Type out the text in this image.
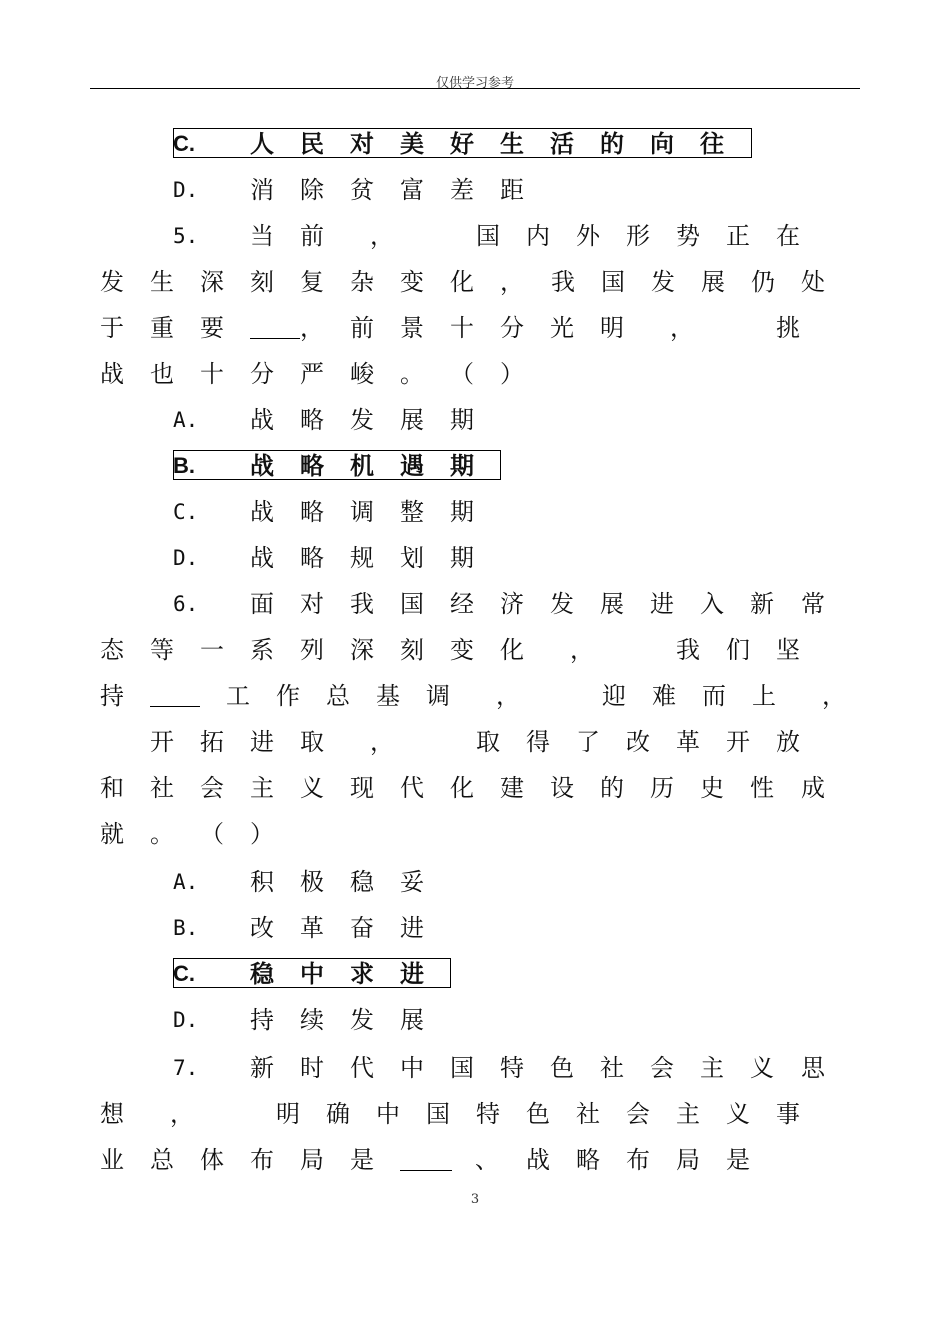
仅供学习参考
C. 人 民 对 美 好 生 活 的 向 往
D. 消 除 贫 富 差 距
5. 当 前 ，	国 内 外 形 势 正 在
发 生 深 刻 复 杂 变 化 ， 我 国 发 展 仍 处
于 重 要	， 前 景 十 分 光 明 ，	挑
战 也 十 分 严 峻 。 （ ）
A. 战 略 发 展 期
B. 战 略 机 遇 期
C. 战 略 调 整 期
D. 战 略 规 划 期
6. 面 对 我 国 经 济 发 展 进 入 新 常
态 等 一 系 列 深 刻 变 化 ，	我 们 坚
持	工 作 总 基 调 ，	迎 难 而 上 ，
开 拓 进 取 ，	取 得 了 改 革 开 放
和 社 会 主 义 现 代 化 建 设 的 历 史 性 成
就 。 （ ）
A. 积 极 稳 妥
B. 改 革 奋 进
C. 稳 中 求 进
D. 持 续 发 展
7. 新 时 代 中 国 特 色 社 会 主 义 思
想 ，	明 确 中 国 特 色 社 会 主 义 事
业 总 体 布 局 是	、 战 略 布 局 是
3
